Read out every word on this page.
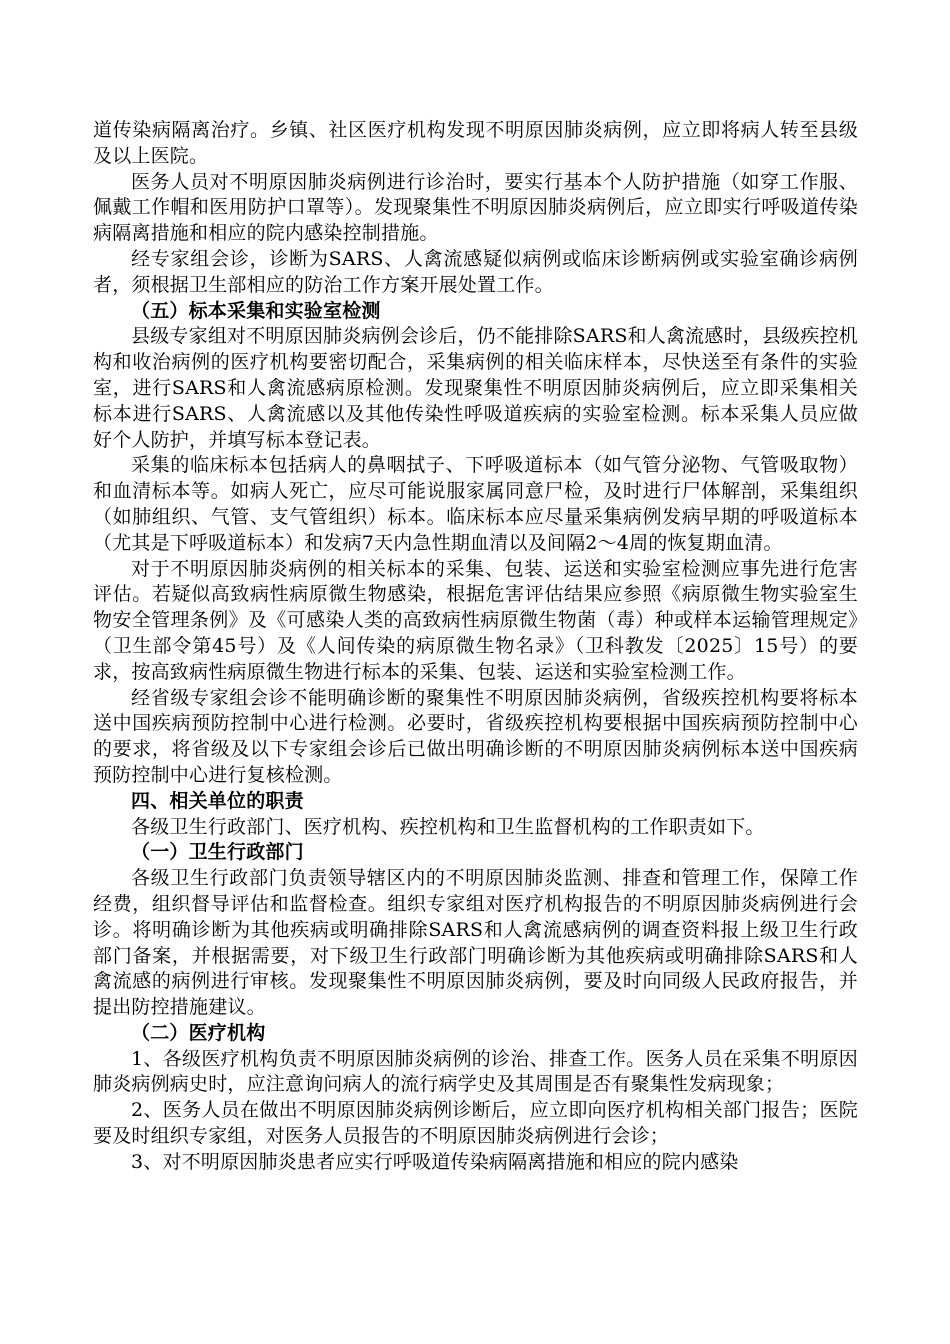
道传染病隔离治疗。乡镇、社区医疗机构发现不明原因肺炎病例，应立即将病人转至县级及以上医院。

医务人员对不明原因肺炎病例进行诊治时，要实行基本个人防护措施（如穿工作服、佩戴工作帽和医用防护口罩等）。发现聚集性不明原因肺炎病例后，应立即实行呼吸道传染病隔离措施和相应的院内感染控制措施。

经专家组会诊，诊断为SARS、人禽流感疑似病例或临床诊断病例或实验室确诊病例者，须根据卫生部相应的防治工作方案开展处置工作。

（五）标本采集和实验室检测

县级专家组对不明原因肺炎病例会诊后，仍不能排除SARS和人禽流感时，县级疾控机构和收治病例的医疗机构要密切配合，采集病例的相关临床样本，尽快送至有条件的实验室，进行SARS和人禽流感病原检测。发现聚集性不明原因肺炎病例后，应立即采集相关标本进行SARS、人禽流感以及其他传染性呼吸道疾病的实验室检测。标本采集人员应做好个人防护，并填写标本登记表。

采集的临床标本包括病人的鼻咽拭子、下呼吸道标本（如气管分泌物、气管吸取物）和血清标本等。如病人死亡，应尽可能说服家属同意尸检，及时进行尸体解剖，采集组织（如肺组织、气管、支气管组织）标本。临床标本应尽量采集病例发病早期的呼吸道标本（尤其是下呼吸道标本）和发病7天内急性期血清以及间隔2～4周的恢复期血清。

对于不明原因肺炎病例的相关标本的采集、包装、运送和实验室检测应事先进行危害评估。若疑似高致病性病原微生物感染，根据危害评估结果应参照《病原微生物实验室生物安全管理条例》及《可感染人类的高致病性病原微生物菌（毒）种或样本运输管理规定》（卫生部令第45号）及《人间传染的病原微生物名录》（卫科教发〔2025〕15号）的要求，按高致病性病原微生物进行标本的采集、包装、运送和实验室检测工作。

经省级专家组会诊不能明确诊断的聚集性不明原因肺炎病例，省级疾控机构要将标本送中国疾病预防控制中心进行检测。必要时，省级疾控机构要根据中国疾病预防控制中心的要求，将省级及以下专家组会诊后已做出明确诊断的不明原因肺炎病例标本送中国疾病预防控制中心进行复核检测。

四、相关单位的职责

各级卫生行政部门、医疗机构、疾控机构和卫生监督机构的工作职责如下。

（一）卫生行政部门

各级卫生行政部门负责领导辖区内的不明原因肺炎监测、排查和管理工作，保障工作经费，组织督导评估和监督检查。组织专家组对医疗机构报告的不明原因肺炎病例进行会诊。将明确诊断为其他疾病或明确排除SARS和人禽流感病例的调查资料报上级卫生行政部门备案，并根据需要，对下级卫生行政部门明确诊断为其他疾病或明确排除SARS和人禽流感的病例进行审核。发现聚集性不明原因肺炎病例，要及时向同级人民政府报告，并提出防控措施建议。

（二）医疗机构

1、各级医疗机构负责不明原因肺炎病例的诊治、排查工作。医务人员在采集不明原因肺炎病例病史时，应注意询问病人的流行病学史及其周围是否有聚集性发病现象；

2、医务人员在做出不明原因肺炎病例诊断后，应立即向医疗机构相关部门报告；医院要及时组织专家组，对医务人员报告的不明原因肺炎病例进行会诊；

3、对不明原因肺炎患者应实行呼吸道传染病隔离措施和相应的院内感染
